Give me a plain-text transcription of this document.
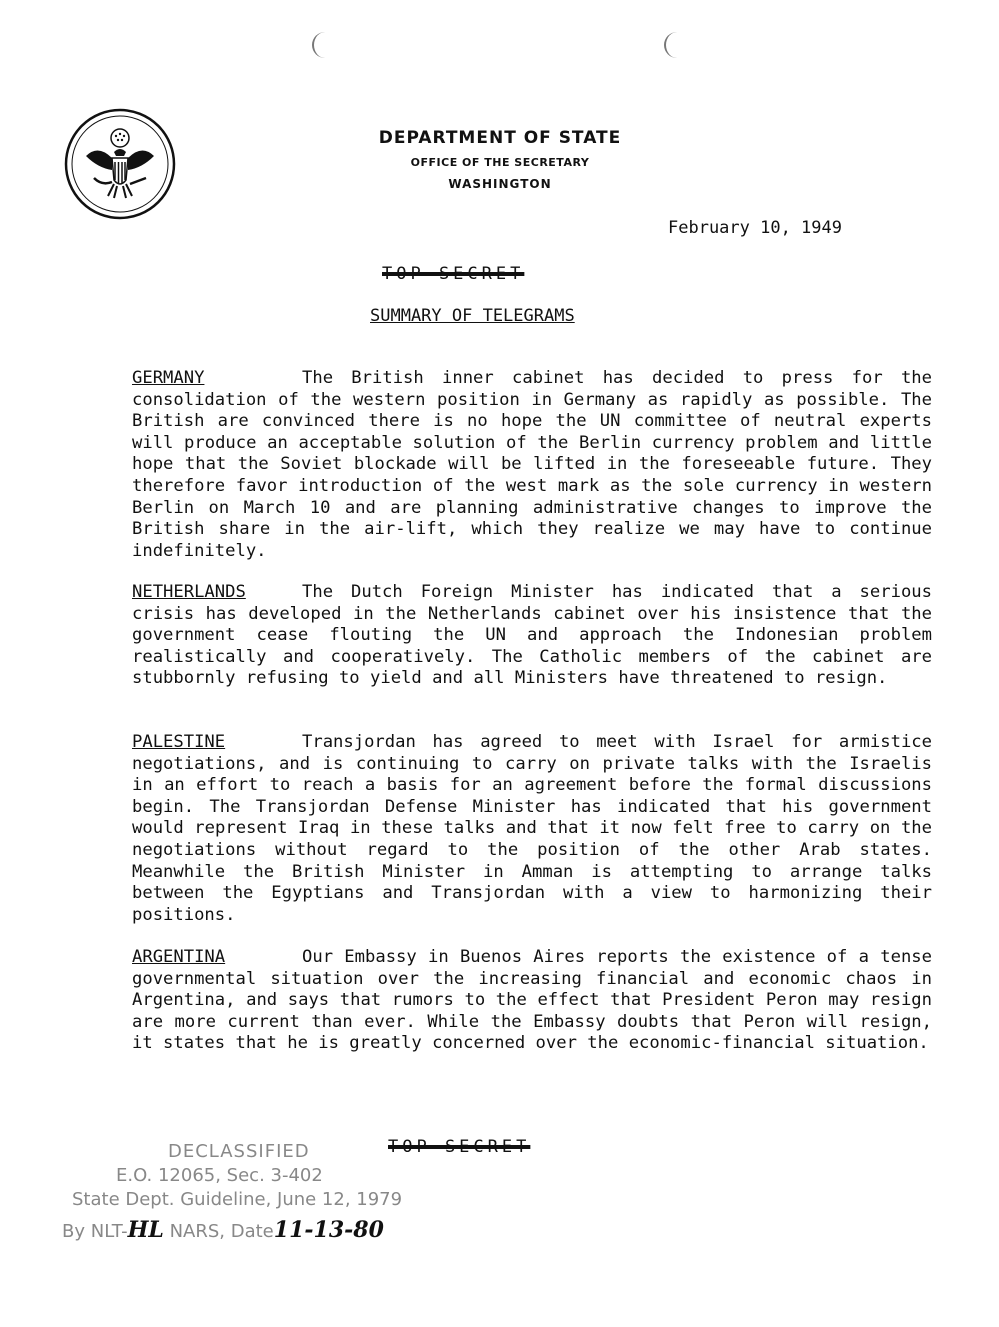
DEPARTMENT OF STATE
OFFICE OF THE SECRETARY
WASHINGTON
February 10, 1949
TOP SECRET
SUMMARY OF TELEGRAMS
GERMANY	The British inner cabinet has decided to press for the consolidation of the western position in Germany as rapidly as possible. The British are convinced there is no hope the UN committee of neutral experts will produce an acceptable solution of the Berlin currency problem and little hope that the Soviet blockade will be lifted in the foreseeable future. They therefore favor introduction of the west mark as the sole currency in western Berlin on March 10 and are planning administrative changes to improve the British share in the air-lift, which they realize we may have to continue indefinitely.

NETHERLANDS	The Dutch Foreign Minister has indicated that a serious crisis has developed in the Netherlands cabinet over his insistence that the government cease flouting the UN and approach the Indonesian problem realistically and cooperatively. The Catholic members of the cabinet are stubbornly refusing to yield and all Ministers have threatened to resign.

PALESTINE	Transjordan has agreed to meet with Israel for armistice negotiations, and is continuing to carry on private talks with the Israelis in an effort to reach a basis for an agreement before the formal discussions begin. The Transjordan Defense Minister has indicated that his government would represent Iraq in these talks and that it now felt free to carry on the negotiations without regard to the position of the other Arab states. Meanwhile the British Minister in Amman is attempting to arrange talks between the Egyptians and Transjordan with a view to harmonizing their positions.

ARGENTINA	Our Embassy in Buenos Aires reports the existence of a tense governmental situation over the increasing financial and economic chaos in Argentina, and says that rumors to the effect that President Peron may resign are more current than ever. While the Embassy doubts that Peron will resign, it states that he is greatly concerned over the economic-financial situation.

TOP SECRET
DECLASSIFIED
E.O. 12065, Sec. 3-402
State Dept. Guideline, June 12, 1979
By NLT-HL NARS, Date11-13-80
